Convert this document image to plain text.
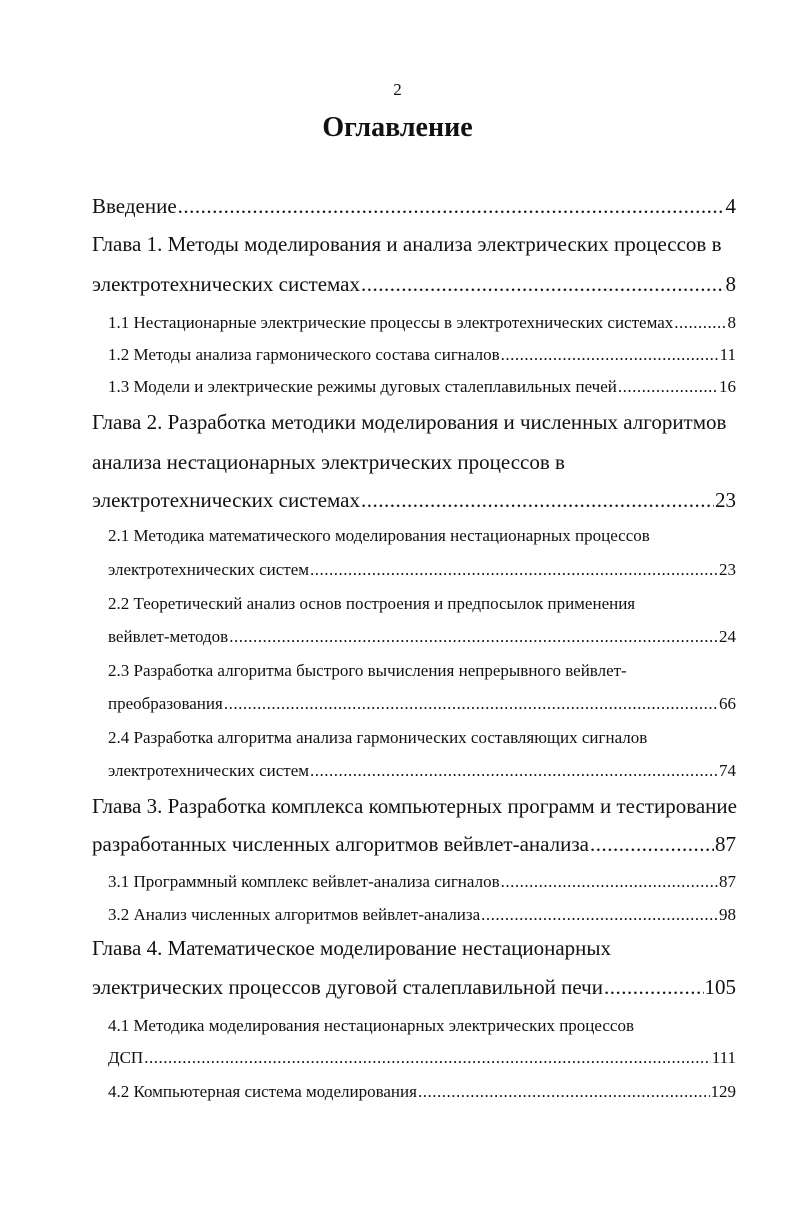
2
Оглавление
Введение .....	4
Глава 1. Методы моделирования и анализа электрических процессов в
электротехнических системах .....	8
1.1 Нестационарные электрические процессы в электротехнических системах .....	8
1.2 Методы анализа гармонического состава сигналов .....	11
1.3 Модели и электрические режимы дуговых сталеплавильных печей .....	16
Глава 2. Разработка методики моделирования и численных алгоритмов
анализа нестационарных электрических процессов в
электротехнических системах .....	23
2.1 Методика математического моделирования нестационарных процессов
электротехнических систем .....	23
2.2 Теоретический анализ основ построения и предпосылок применения
вейвлет-методов .....	24
2.3 Разработка алгоритма быстрого вычисления непрерывного вейвлет-
преобразования .....	66
2.4 Разработка алгоритма анализа гармонических составляющих сигналов
электротехнических систем .....	74
Глава 3. Разработка комплекса компьютерных программ и тестирование
разработанных численных алгоритмов вейвлет-анализа .....	87
3.1 Программный комплекс вейвлет-анализа сигналов .....	87
3.2 Анализ численных алгоритмов вейвлет-анализа .....	98
Глава 4. Математическое моделирование нестационарных
электрических процессов дуговой сталеплавильной печи .....	105
4.1 Методика моделирования нестационарных электрических процессов
ДСП .....	111
4.2 Компьютерная система моделирования .....	129
